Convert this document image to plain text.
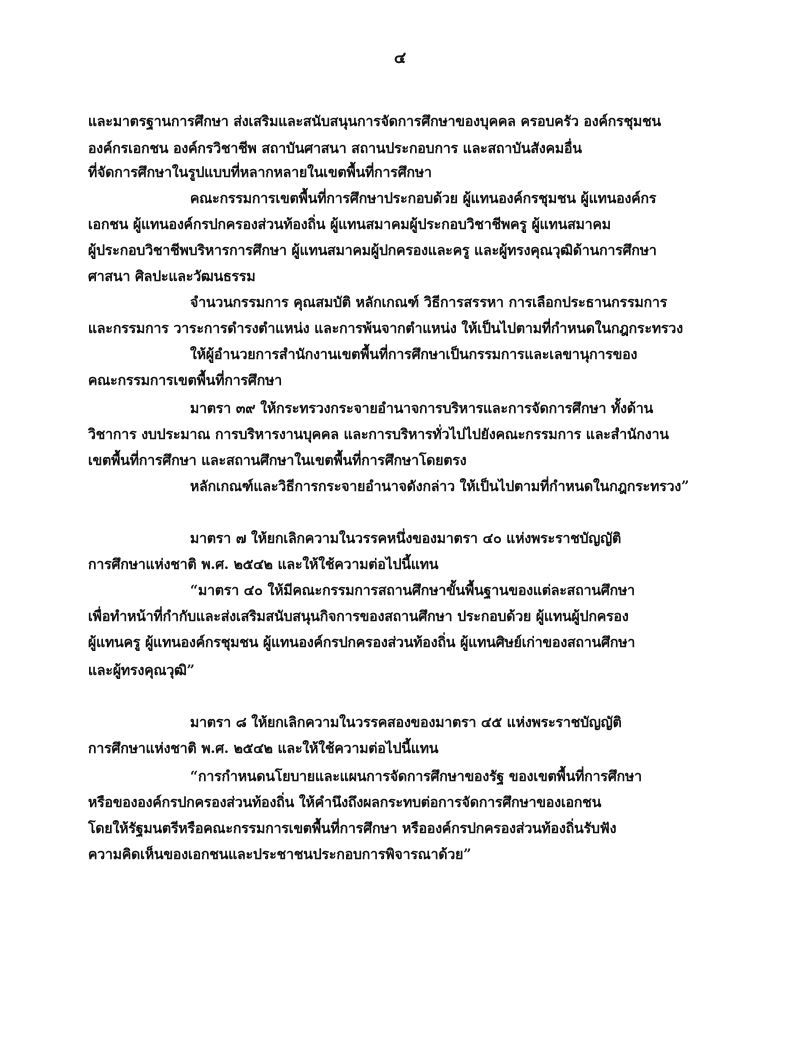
๔
และมาตรฐานการศึกษา ส่งเสริมและสนับสนุนการจัดการศึกษาของบุคคล ครอบครัว องค์กรชุมชน
องค์กรเอกชน องค์กรวิชาชีพ สถาบันศาสนา สถานประกอบการ และสถาบันสังคมอื่น
ที่จัดการศึกษาในรูปแบบที่หลากหลายในเขตพื้นที่การศึกษา
คณะกรรมการเขตพื้นที่การศึกษาประกอบด้วย ผู้แทนองค์กรชุมชน ผู้แทนองค์กร
เอกชน ผู้แทนองค์กรปกครองส่วนท้องถิ่น ผู้แทนสมาคมผู้ประกอบวิชาชีพครู ผู้แทนสมาคม
ผู้ประกอบวิชาชีพบริหารการศึกษา ผู้แทนสมาคมผู้ปกครองและครู และผู้ทรงคุณวุฒิด้านการศึกษา
ศาสนา ศิลปะและวัฒนธรรม
จำนวนกรรมการ คุณสมบัติ หลักเกณฑ์ วิธีการสรรหา การเลือกประธานกรรมการ
และกรรมการ วาระการดำรงตำแหน่ง และการพ้นจากตำแหน่ง ให้เป็นไปตามที่กำหนดในกฎกระทรวง
ให้ผู้อำนวยการสำนักงานเขตพื้นที่การศึกษาเป็นกรรมการและเลขานุการของ
คณะกรรมการเขตพื้นที่การศึกษา
มาตรา ๓๙ ให้กระทรวงกระจายอำนาจการบริหารและการจัดการศึกษา ทั้งด้าน
วิชาการ งบประมาณ การบริหารงานบุคคล และการบริหารทั่วไปไปยังคณะกรรมการ และสำนักงาน
เขตพื้นที่การศึกษา และสถานศึกษาในเขตพื้นที่การศึกษาโดยตรง
หลักเกณฑ์และวิธีการกระจายอำนาจดังกล่าว ให้เป็นไปตามที่กำหนดในกฎกระทรวง”
มาตรา ๗ ให้ยกเลิกความในวรรคหนึ่งของมาตรา ๔๐ แห่งพระราชบัญญัติ
การศึกษาแห่งชาติ พ.ศ. ๒๕๔๒ และให้ใช้ความต่อไปนี้แทน
“มาตรา ๔๐ ให้มีคณะกรรมการสถานศึกษาขั้นพื้นฐานของแต่ละสถานศึกษา
เพื่อทำหน้าที่กำกับและส่งเสริมสนับสนุนกิจการของสถานศึกษา ประกอบด้วย ผู้แทนผู้ปกครอง
ผู้แทนครู ผู้แทนองค์กรชุมชน ผู้แทนองค์กรปกครองส่วนท้องถิ่น ผู้แทนศิษย์เก่าของสถานศึกษา
และผู้ทรงคุณวุฒิ”
มาตรา ๘ ให้ยกเลิกความในวรรคสองของมาตรา ๔๕ แห่งพระราชบัญญัติ
การศึกษาแห่งชาติ พ.ศ. ๒๕๔๒ และให้ใช้ความต่อไปนี้แทน
“การกำหนดนโยบายและแผนการจัดการศึกษาของรัฐ ของเขตพื้นที่การศึกษา
หรือขององค์กรปกครองส่วนท้องถิ่น ให้คำนึงถึงผลกระทบต่อการจัดการศึกษาของเอกชน
โดยให้รัฐมนตรีหรือคณะกรรมการเขตพื้นที่การศึกษา หรือองค์กรปกครองส่วนท้องถิ่นรับฟัง
ความคิดเห็นของเอกชนและประชาชนประกอบการพิจารณาด้วย”
